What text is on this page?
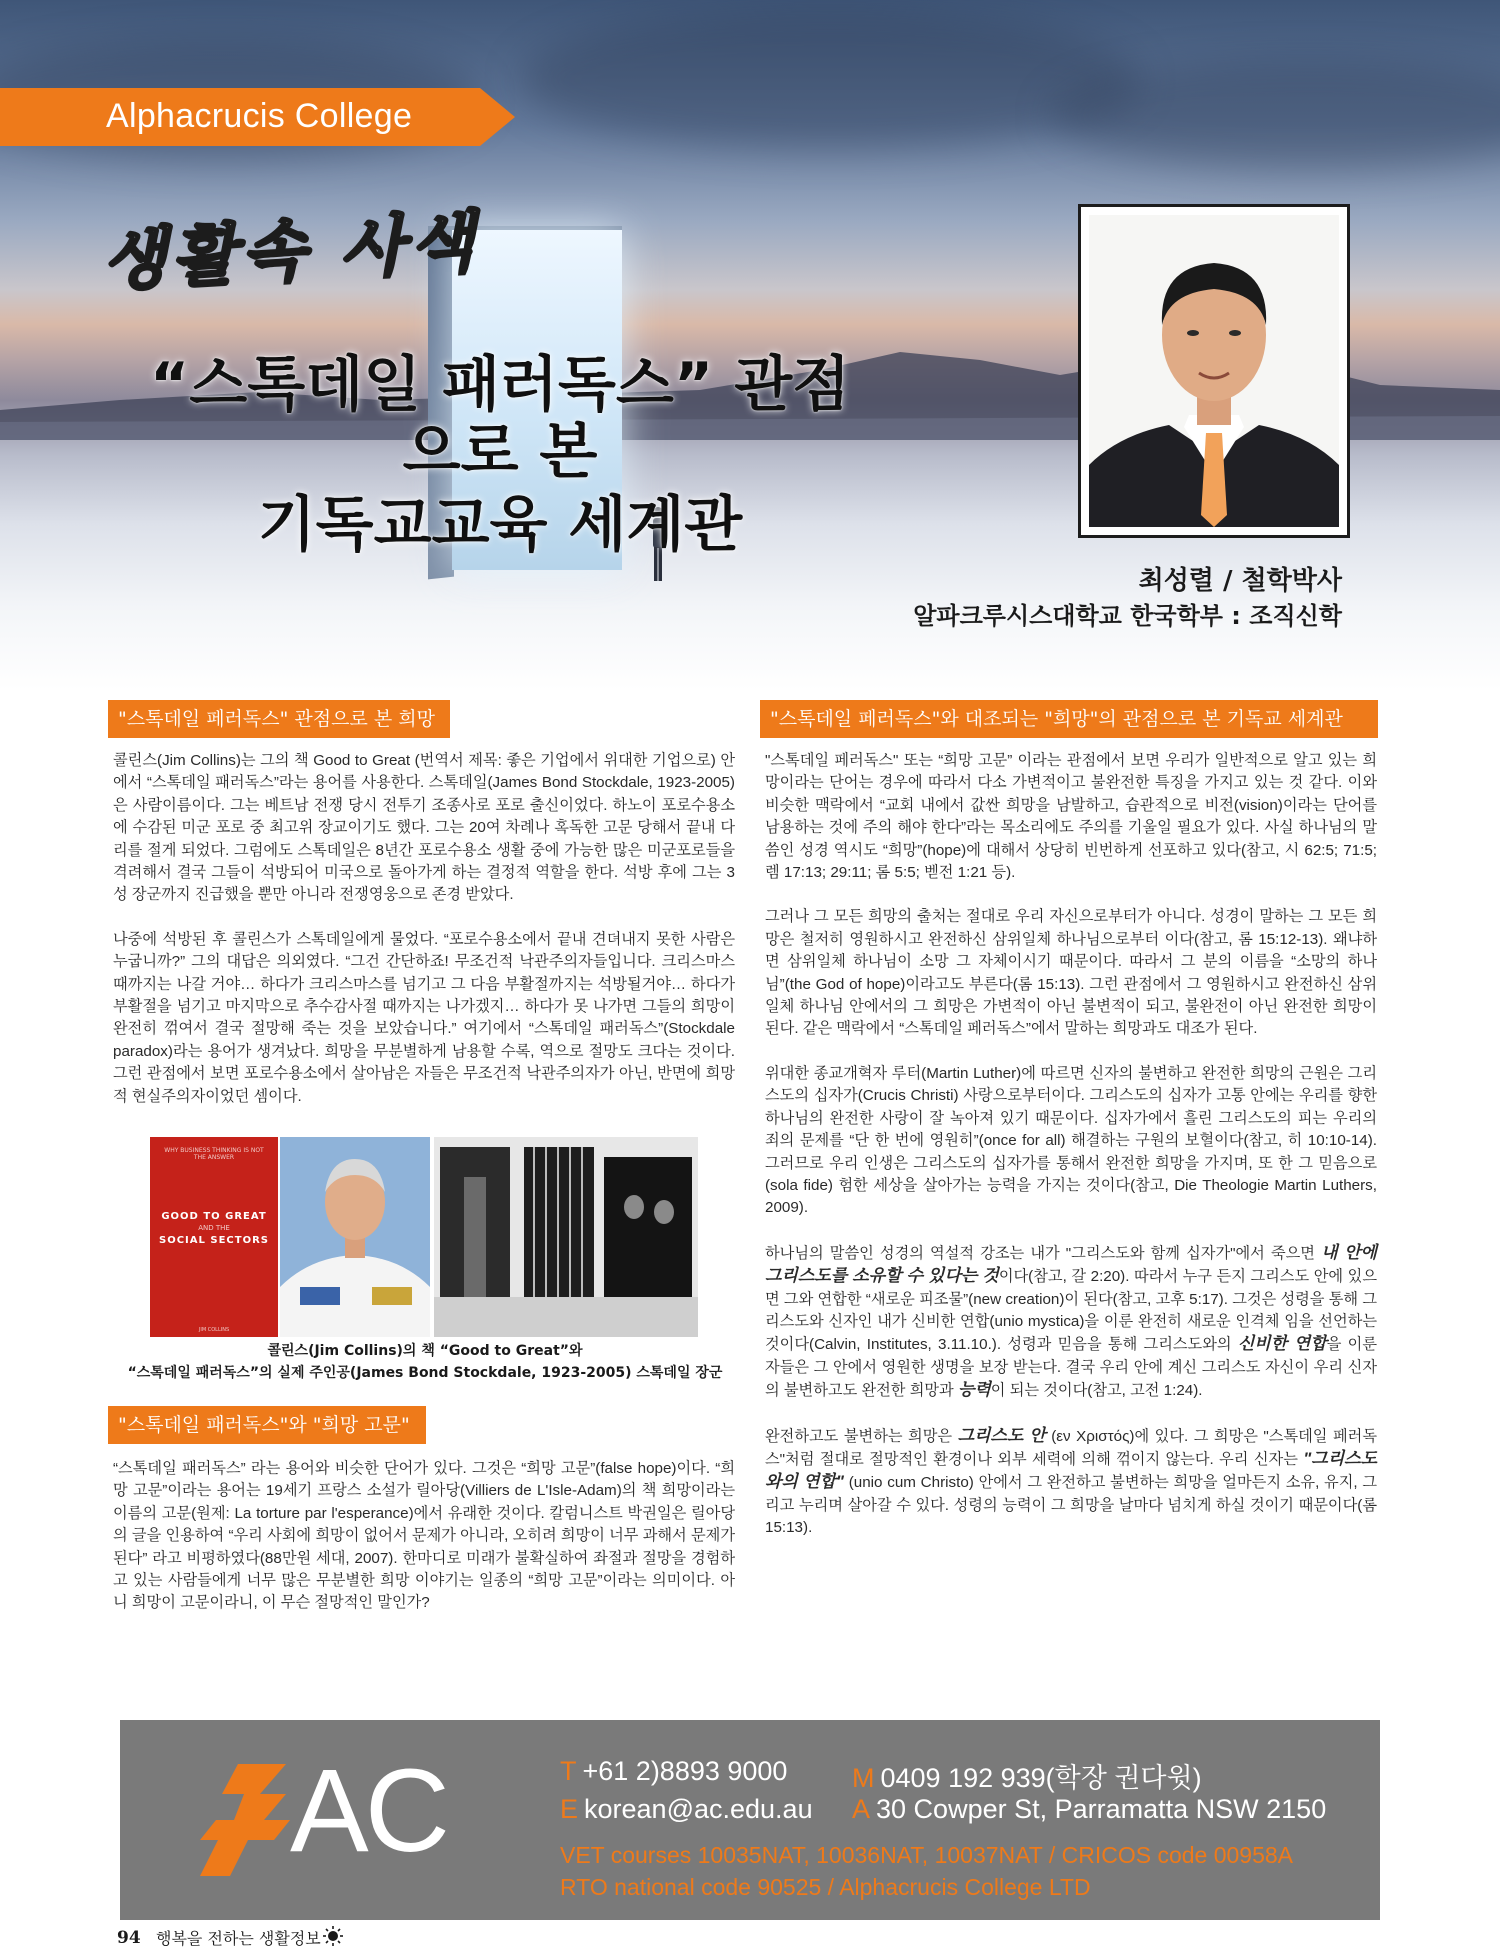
Alphacrucis College
생활속 사색
“스톡데일 패러독스” 관점으로 본
기독교교육 세계관
최성렬 / 철학박사
알파크루시스대학교 한국학부 : 조직신학
"스톡데일 페러독스" 관점으로 본 희망

콜린스(Jim Collins)는 그의 책 Good to Great (번역서 제목: 좋은 기업에서 위대한 기업으로) 안에서 “스톡데일 패러독스”라는 용어를 사용한다. 스톡데일(James Bond Stockdale, 1923-2005)은 사람이름이다. 그는 베트남 전쟁 당시 전투기 조종사로 포로 출신이었다. 하노이 포로수용소에 수감된 미군 포로 중 최고위 장교이기도 했다. 그는 20여 차례나 혹독한 고문 당해서 끝내 다리를 절게 되었다. 그럼에도 스톡데일은 8년간 포로수용소 생활 중에 가능한 많은 미군포로들을 격려해서 결국 그들이 석방되어 미국으로 돌아가게 하는 결정적 역할을 한다. 석방 후에 그는 3성 장군까지 진급했을 뿐만 아니라 전쟁영웅으로 존경 받았다.

나중에 석방된 후 콜린스가 스톡데일에게 물었다. “포로수용소에서 끝내 견뎌내지 못한 사람은 누굽니까?” 그의 대답은 의외였다. “그건 간단하죠! 무조건적 낙관주의자들입니다. 크리스마스 때까지는 나갈 거야… 하다가 크리스마스를 넘기고 그 다음 부활절까지는 석방될거야… 하다가 부활절을 넘기고 마지막으로 추수감사절 때까지는 나가겠지… 하다가 못 나가면 그들의 희망이 완전히 꺾여서 결국 절망해 죽는 것을 보았습니다.” 여기에서 “스톡데일 패러독스”(Stockdale paradox)라는 용어가 생겨났다. 희망을 무분별하게 남용할 수록, 역으로 절망도 크다는 것이다. 그런 관점에서 보면 포로수용소에서 살아남은 자들은 무조건적 낙관주의자가 아닌, 반면에 희망적 현실주의자이었던 셈이다.

WHY BUSINESS THINKING IS NOT THE ANSWER
GOOD TO GREAT
AND THE
SOCIAL SECTORS
JIM COLLINS
콜린스(Jim Collins)의 책 “Good to Great”와
“스톡데일 패러독스”의 실제 주인공(James Bond Stockdale, 1923-2005) 스톡데일 장군
"스톡데일 패러독스"와 "희망 고문"

“스톡데일 패러독스” 라는 용어와 비슷한 단어가 있다. 그것은 “희망 고문”(false hope)이다. “희망 고문”이라는 용어는 19세기 프랑스 소설가 릴아당(Villiers de L'Isle-Adam)의 책 희망이라는 이름의 고문(원제: La torture par l'esperance)에서 유래한 것이다. 칼럼니스트 박권일은 릴아당의 글을 인용하여 “우리 사회에 희망이 없어서 문제가 아니라, 오히려 희망이 너무 과해서 문제가 된다” 라고 비평하였다(88만원 세대, 2007). 한마디로 미래가 불확실하여 좌절과 절망을 경험하고 있는 사람들에게 너무 많은 무분별한 희망 이야기는 일종의 “희망 고문”이라는 의미이다. 아니 희망이 고문이라니, 이 무슨 절망적인 말인가?

"스톡데일 페러독스"와 대조되는 "희망"의 관점으로 본 기독교 세계관

"스톡데일 페러독스" 또는 “희망 고문” 이라는 관점에서 보면 우리가 일반적으로 알고 있는 희망이라는 단어는 경우에 따라서 다소 가변적이고 불완전한 특징을 가지고 있는 것 같다. 이와 비슷한 맥락에서 “교회 내에서 값싼 희망을 남발하고, 습관적으로 비전(vision)이라는 단어를 남용하는 것에 주의 해야 한다”라는 목소리에도 주의를 기울일 필요가 있다. 사실 하나님의 말씀인 성경 역시도 “희망”(hope)에 대해서 상당히 빈번하게 선포하고 있다(참고, 시 62:5; 71:5; 렘 17:13; 29:11; 롬 5:5; 벧전 1:21 등).

그러나 그 모든 희망의 출처는 절대로 우리 자신으로부터가 아니다. 성경이 말하는 그 모든 희망은 철저히 영원하시고 완전하신 삼위일체 하나님으로부터 이다(참고, 롬 15:12-13). 왜냐하면 삼위일체 하나님이 소망 그 자체이시기 때문이다. 따라서 그 분의 이름을 “소망의 하나님”(the God of hope)이라고도 부른다(롬 15:13). 그런 관점에서 그 영원하시고 완전하신 삼위일체 하나님 안에서의 그 희망은 가변적이 아닌 불변적이 되고, 불완전이 아닌 완전한 희망이 된다. 같은 맥락에서 “스톡데일 페러독스”에서 말하는 희망과도 대조가 된다.

위대한 종교개혁자 루터(Martin Luther)에 따르면 신자의 불변하고 완전한 희망의 근원은 그리스도의 십자가(Crucis Christi) 사랑으로부터이다. 그리스도의 십자가 고통 안에는 우리를 향한 하나님의 완전한 사랑이 잘 녹아져 있기 때문이다. 십자가에서 흘린 그리스도의 피는 우리의 죄의 문제를 “단 한 번에 영원히”(once for all) 해결하는 구원의 보혈이다(참고, 히 10:10-14). 그러므로 우리 인생은 그리스도의 십자가를 통해서 완전한 희망을 가지며, 또 한 그 믿음으로(sola fide) 험한 세상을 살아가는 능력을 가지는 것이다(참고, Die Theologie Martin Luthers, 2009).

하나님의 말씀인 성경의 역설적 강조는 내가 "그리스도와 함께 십자가"에서 죽으면 내 안에 그리스도를 소유할 수 있다는 것이다(참고, 갈 2:20). 따라서 누구 든지 그리스도 안에 있으면 그와 연합한 “새로운 피조물”(new creation)이 된다(참고, 고후 5:17). 그것은 성령을 통해 그리스도와 신자인 내가 신비한 연합(unio mystica)을 이룬 완전히 새로운 인격체 임을 선언하는 것이다(Calvin, Institutes, 3.11.10.). 성령과 믿음을 통해 그리스도와의 신비한 연합을 이룬 자들은 그 안에서 영원한 생명을 보장 받는다. 결국 우리 안에 계신 그리스도 자신이 우리 신자의 불변하고도 완전한 희망과 능력이 되는 것이다(참고, 고전 1:24).

완전하고도 불변하는 희망은 그리스도 안 (εν Χριστός)에 있다. 그 희망은 "스톡데일 페러독스"처럼 절대로 절망적인 환경이나 외부 세력에 의해 꺾이지 않는다. 우리 신자는 "그리스도와의 연합" (unio cum Christo) 안에서 그 완전하고 불변하는 희망을 얼마든지 소유, 유지, 그리고 누리며 살아갈 수 있다. 성령의 능력이 그 희망을 날마다 넘치게 하실 것이기 때문이다(롬 15:13).

AC	T +61 2)8893 9000 M 0409 192 939(학장 권다윗)
E korean@ac.edu.au A 30 Cowper St, Parramatta NSW 2150
VET courses 10035NAT, 10036NAT, 10037NAT / CRICOS code 00958A
RTO national code 90525 / Alphacrucis College LTD
94 행복을 전하는 생활정보
